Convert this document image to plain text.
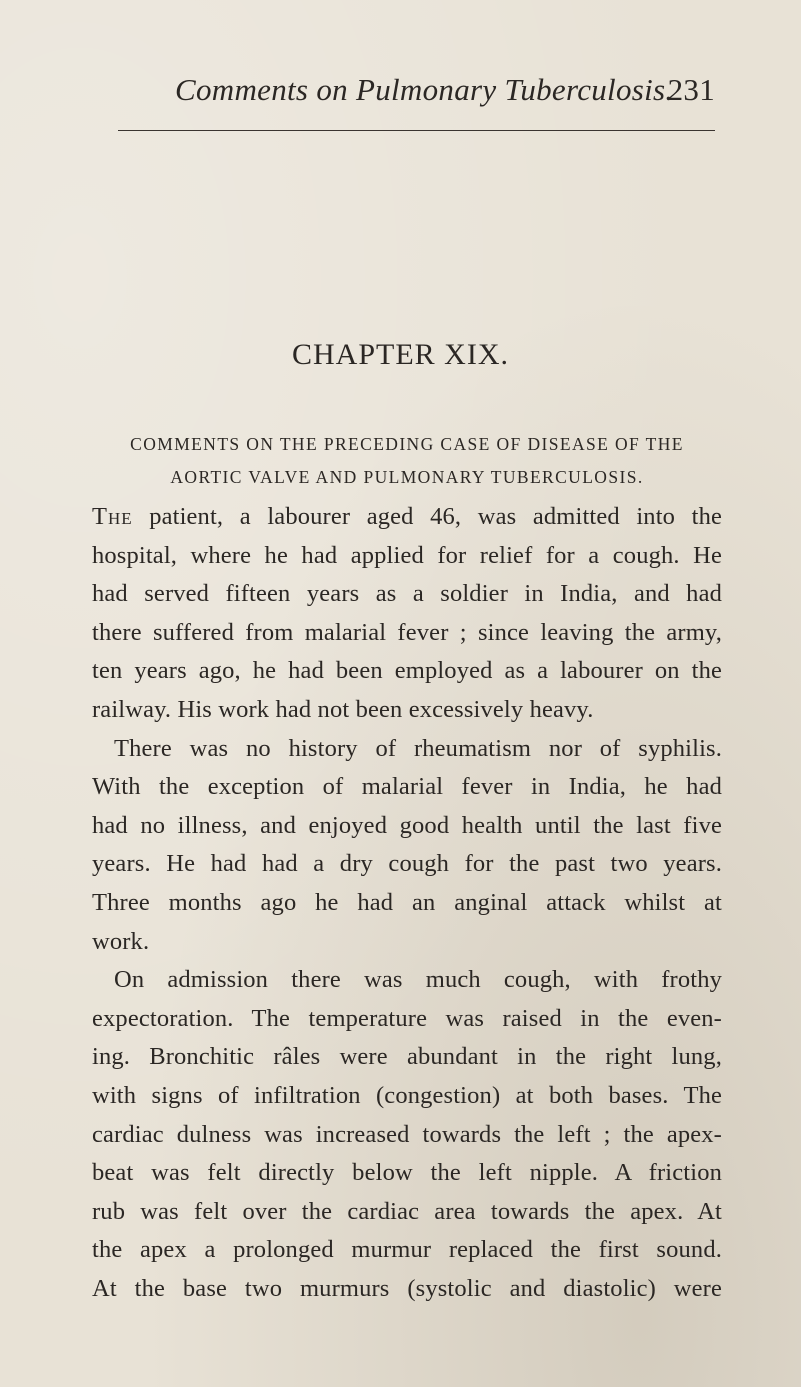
Comments on Pulmonary Tuberculosis.
231
CHAPTER XIX.
COMMENTS ON THE PRECEDING CASE OF DISEASE OF THE
AORTIC VALVE AND PULMONARY TUBERCULOSIS.
The patient, a labourer aged 46, was admitted into the
hospital, where he had applied for relief for a cough. He
had served fifteen years as a soldier in India, and had
there suffered from malarial fever ; since leaving the army,
ten years ago, he had been employed as a labourer on the
railway. His work had not been excessively heavy.
There was no history of rheumatism nor of syphilis.
With the exception of malarial fever in India, he had
had no illness, and enjoyed good health until the last five
years. He had had a dry cough for the past two years.
Three months ago he had an anginal attack whilst at
work.
On admission there was much cough, with frothy
expectoration. The temperature was raised in the even-
ing. Bronchitic râles were abundant in the right lung,
with signs of infiltration (congestion) at both bases. The
cardiac dulness was increased towards the left ; the apex-
beat was felt directly below the left nipple. A friction
rub was felt over the cardiac area towards the apex. At
the apex a prolonged murmur replaced the first sound.
At the base two murmurs (systolic and diastolic) were
